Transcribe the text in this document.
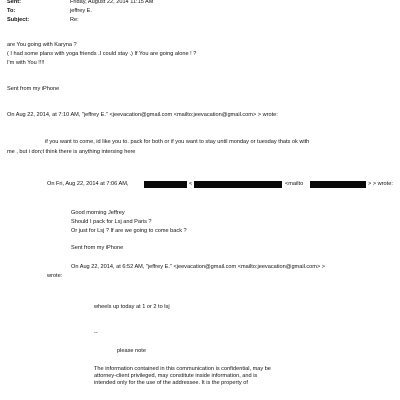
Sent:	Friday, August 22, 2014 11:15 AM
To:	jeffrey E.
Subject:	Re:
are You going with Karyna ?
( I had some plans with yoga friends .I could stay .) If You are going alone ! ?
I'm with You !!!!
Sent from my iPhone
On Aug 22, 2014, at 7:10 AM, "jeffrey E." <jeevacation@gmail.com <mailto:jeevacation@gmail.com> > wrote:
if you want to come, id like you to. pack for both or if you want to stay until monday or tuesday thats ok with
me , but i don;t think there is anything intersing here
On Fri, Aug 22, 2014 at 7:06 AM,	<	<mailto	> > wrote:
Good morning Jeffrey
Should I pack for Lsj and Paris ?
Or just for Lsj ? If are we going to come back ?
Sent from my iPhone
On Aug 22, 2014, at 6:52 AM, "jeffrey E." <jeevacation@gmail.com <mailto:jeevacation@gmail.com> >
wrote:
wheels up today at 1 or 2 to lsj
--
please note
The information contained in this communication is confidential, may be attorney-client privileged, may constitute inside information, and is intended only for the use of the addressee. It is the property of
